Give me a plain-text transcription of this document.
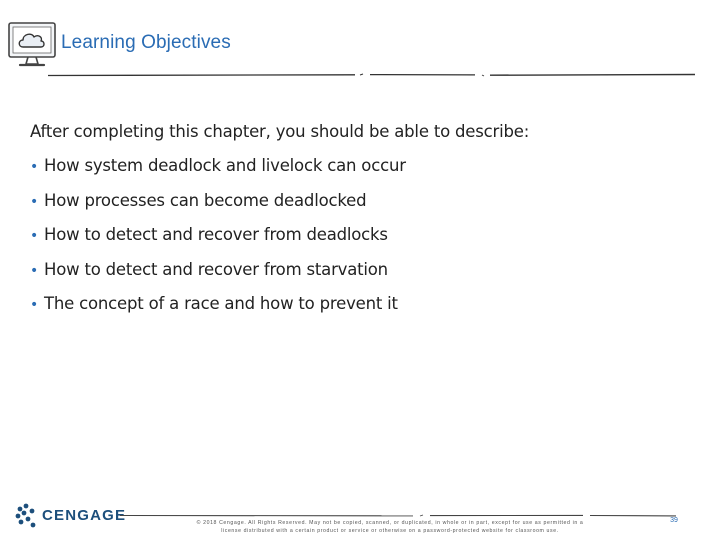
Learning Objectives
After completing this chapter, you should be able to describe:
• How system deadlock and livelock can occur
• How processes can become deadlocked
• How to detect and recover from deadlocks
• How to detect and recover from starvation
• The concept of a race and how to prevent it
CENGAGE	© 2018 Cengage. All Rights Reserved. May not be copied, scanned, or duplicated, in whole or in part, except for use as permitted in a
license distributed with a certain product or service or otherwise on a password-protected website for classroom use.
39
